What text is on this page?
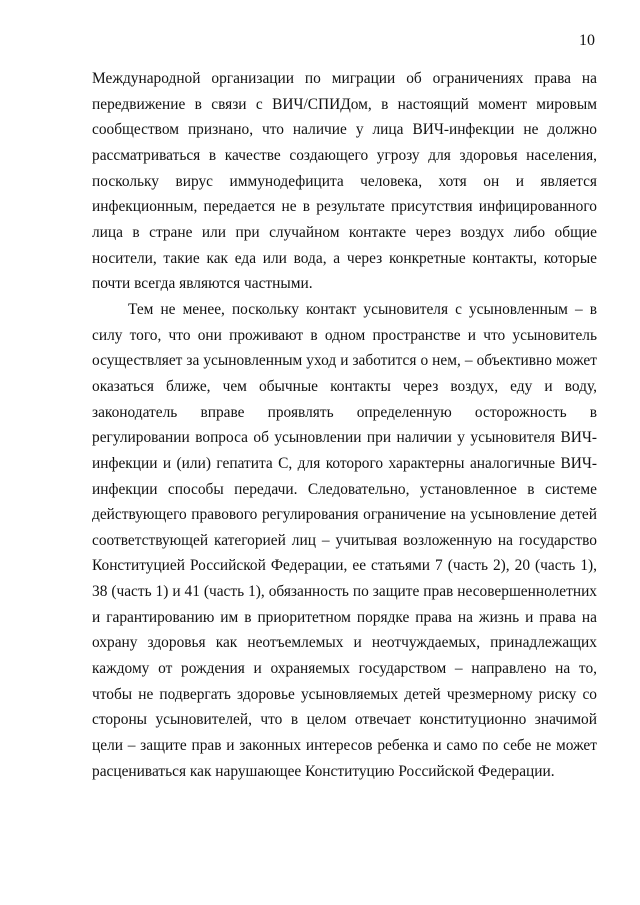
10

Международной организации по миграции об ограничениях права на передвижение в связи с ВИЧ/СПИДом, в настоящий момент мировым сообществом признано, что наличие у лица ВИЧ-инфекции не должно рассматриваться в качестве создающего угрозу для здоровья населения, поскольку вирус иммунодефицита человека, хотя он и является инфекционным, передается не в результате присутствия инфицированного лица в стране или при случайном контакте через воздух либо общие носители, такие как еда или вода, а через конкретные контакты, которые почти всегда являются частными.

Тем не менее, поскольку контакт усыновителя с усыновленным – в силу того, что они проживают в одном пространстве и что усыновитель осуществляет за усыновленным уход и заботится о нем, – объективно может оказаться ближе, чем обычные контакты через воздух, еду и воду, законодатель вправе проявлять определенную осторожность в регулировании вопроса об усыновлении при наличии у усыновителя ВИЧ-инфекции и (или) гепатита С, для которого характерны аналогичные ВИЧ-инфекции способы передачи. Следовательно, установленное в системе действующего правового регулирования ограничение на усыновление детей соответствующей категорией лиц – учитывая возложенную на государство Конституцией Российской Федерации, ее статьями 7 (часть 2), 20 (часть 1), 38 (часть 1) и 41 (часть 1), обязанность по защите прав несовершеннолетних и гарантированию им в приоритетном порядке права на жизнь и права на охрану здоровья как неотъемлемых и неотчуждаемых, принадлежащих каждому от рождения и охраняемых государством – направлено на то, чтобы не подвергать здоровье усыновляемых детей чрезмерному риску со стороны усыновителей, что в целом отвечает конституционно значимой цели – защите прав и законных интересов ребенка и само по себе не может расцениваться как нарушающее Конституцию Российской Федерации.
